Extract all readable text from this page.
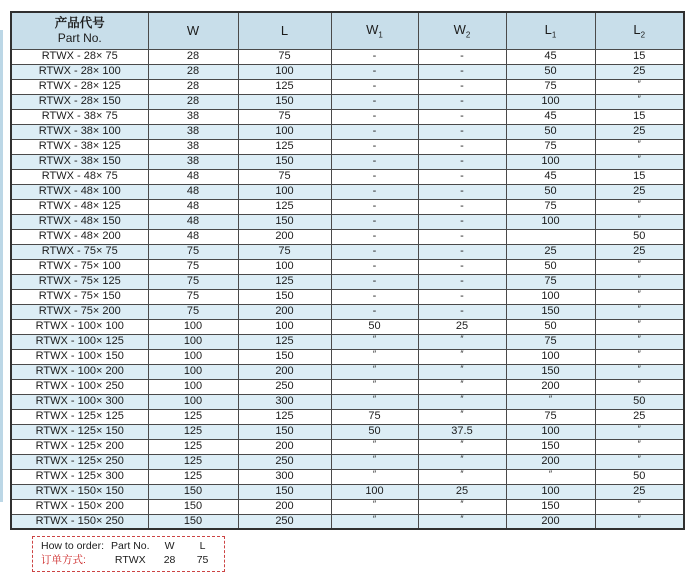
产品代号
Part No.	W	L	$W_1$	$W_2$	$L_1$	$L_2$
RTWX - 28× 75	28	75	-	-	45	15
RTWX - 28× 100	28	100	-	-	50	25
RTWX - 28× 125	28	125	-	-	75	″
RTWX - 28× 150	28	150	-	-	100	″
RTWX - 38× 75	38	75	-	-	45	15
RTWX - 38× 100	38	100	-	-	50	25
RTWX - 38× 125	38	125	-	-	75	″
RTWX - 38× 150	38	150	-	-	100	″
RTWX - 48× 75	48	75	-	-	45	15
RTWX - 48× 100	48	100	-	-	50	25
RTWX - 48× 125	48	125	-	-	75	″
RTWX - 48× 150	48	150	-	-	100	″
RTWX - 48× 200	48	200	-	-		50
RTWX - 75× 75	75	75	-	-	25	25
RTWX - 75× 100	75	100	-	-	50	″
RTWX - 75× 125	75	125	-	-	75	″
RTWX - 75× 150	75	150	-	-	100	″
RTWX - 75× 200	75	200	-	-	150	″
RTWX - 100× 100	100	100	50	25	50	″
RTWX - 100× 125	100	125	″	″	75	″
RTWX - 100× 150	100	150	″	″	100	″
RTWX - 100× 200	100	200	″	″	150	″
RTWX - 100× 250	100	250	″	″	200	″
RTWX - 100× 300	100	300	″	″	″	50
RTWX - 125× 125	125	125	75	″	75	25
RTWX - 125× 150	125	150	50	37.5	100	″
RTWX - 125× 200	125	200	″	″	150	″
RTWX - 125× 250	125	250	″	″	200	″
RTWX - 125× 300	125	300	″	″	″	50
RTWX - 150× 150	150	150	100	25	100	25
RTWX - 150× 200	150	200	″	″	150	″
RTWX - 150× 250	150	250	″	″	200	″
How to order: Part No.	W	L
订单方式:	RTWX	28	75
